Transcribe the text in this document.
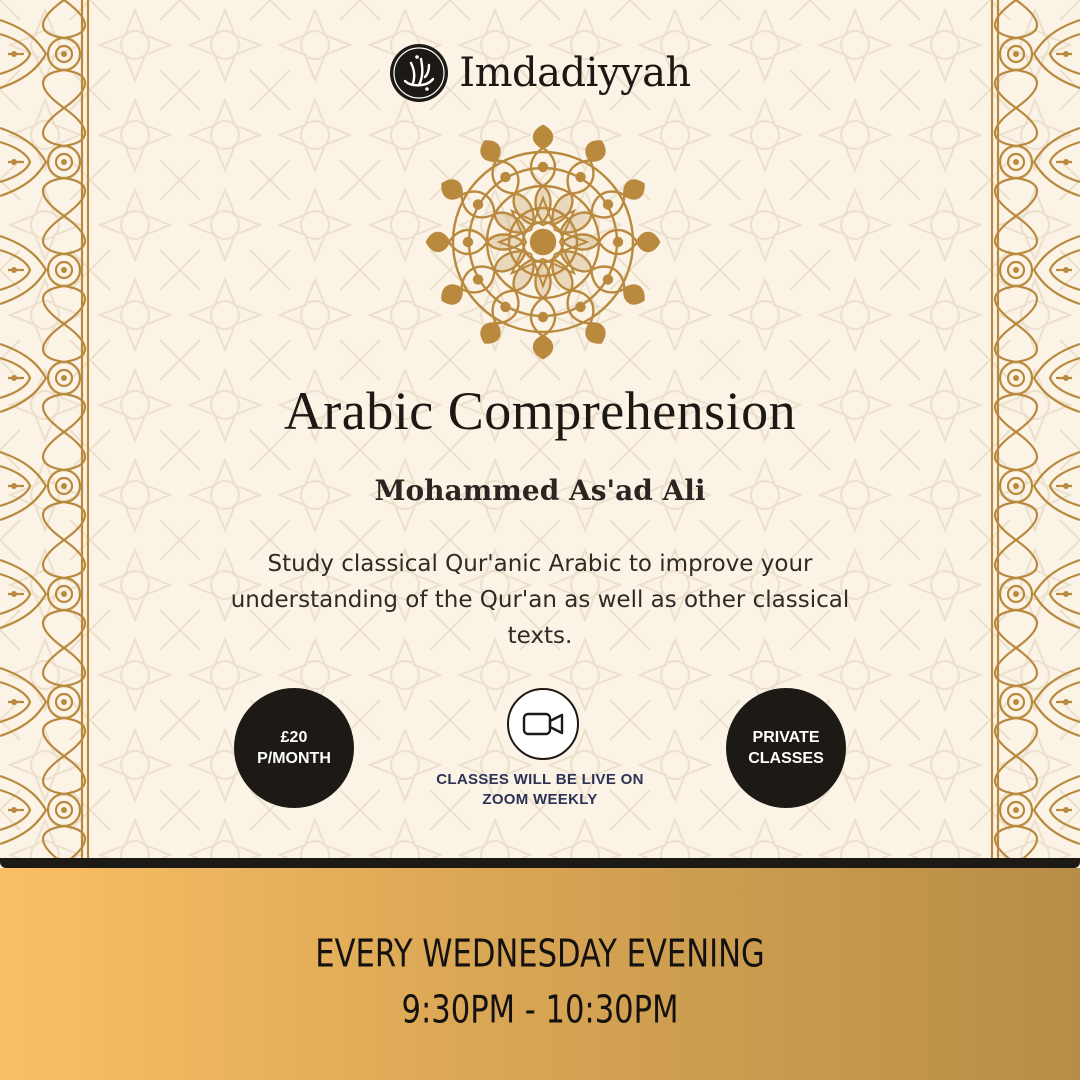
Imdadiyyah
Arabic Comprehension
Mohammed As'ad Ali
Study classical Qur'anic Arabic to improve your understanding of the Qur'an as well as other classical texts.
£20
P/MONTH
CLASSES WILL BE LIVE ON
ZOOM WEEKLY
PRIVATE
CLASSES
EVERY WEDNESDAY EVENING
9:30PM - 10:30PM
